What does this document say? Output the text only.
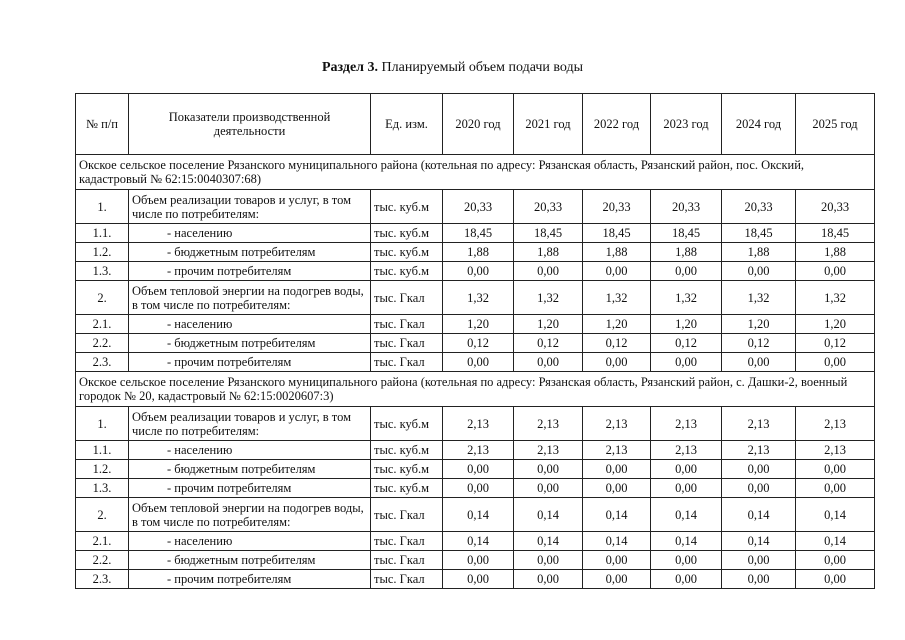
Раздел 3. Планируемый объем подачи воды
№ п/п	Показатели производственной деятельности	Ед. изм.	2020 год	2021 год	2022 год	2023 год	2024 год	2025 год
Окское сельское поселение Рязанского муниципального района (котельная по адресу: Рязанская область, Рязанский район, пос. Окский, кадастровый № 62:15:0040307:68)								
1.	Объем реализации товаров и услуг, в том числе по потребителям:	тыс. куб.м	20,33	20,33	20,33	20,33	20,33	20,33
1.1.	- населению	тыс. куб.м	18,45	18,45	18,45	18,45	18,45	18,45
1.2.	- бюджетным потребителям	тыс. куб.м	1,88	1,88	1,88	1,88	1,88	1,88
1.3.	- прочим потребителям	тыс. куб.м	0,00	0,00	0,00	0,00	0,00	0,00
2.	Объем тепловой энергии на подогрев воды, в том числе по потребителям:	тыс. Гкал	1,32	1,32	1,32	1,32	1,32	1,32
2.1.	- населению	тыс. Гкал	1,20	1,20	1,20	1,20	1,20	1,20
2.2.	- бюджетным потребителям	тыс. Гкал	0,12	0,12	0,12	0,12	0,12	0,12
2.3.	- прочим потребителям	тыс. Гкал	0,00	0,00	0,00	0,00	0,00	0,00
Окское сельское поселение Рязанского муниципального района (котельная по адресу: Рязанская область, Рязанский район, с. Дашки-2, военный городок № 20, кадастровый № 62:15:0020607:3)								
1.	Объем реализации товаров и услуг, в том числе по потребителям:	тыс. куб.м	2,13	2,13	2,13	2,13	2,13	2,13
1.1.	- населению	тыс. куб.м	2,13	2,13	2,13	2,13	2,13	2,13
1.2.	- бюджетным потребителям	тыс. куб.м	0,00	0,00	0,00	0,00	0,00	0,00
1.3.	- прочим потребителям	тыс. куб.м	0,00	0,00	0,00	0,00	0,00	0,00
2.	Объем тепловой энергии на подогрев воды, в том числе по потребителям:	тыс. Гкал	0,14	0,14	0,14	0,14	0,14	0,14
2.1.	- населению	тыс. Гкал	0,14	0,14	0,14	0,14	0,14	0,14
2.2.	- бюджетным потребителям	тыс. Гкал	0,00	0,00	0,00	0,00	0,00	0,00
2.3.	- прочим потребителям	тыс. Гкал	0,00	0,00	0,00	0,00	0,00	0,00
